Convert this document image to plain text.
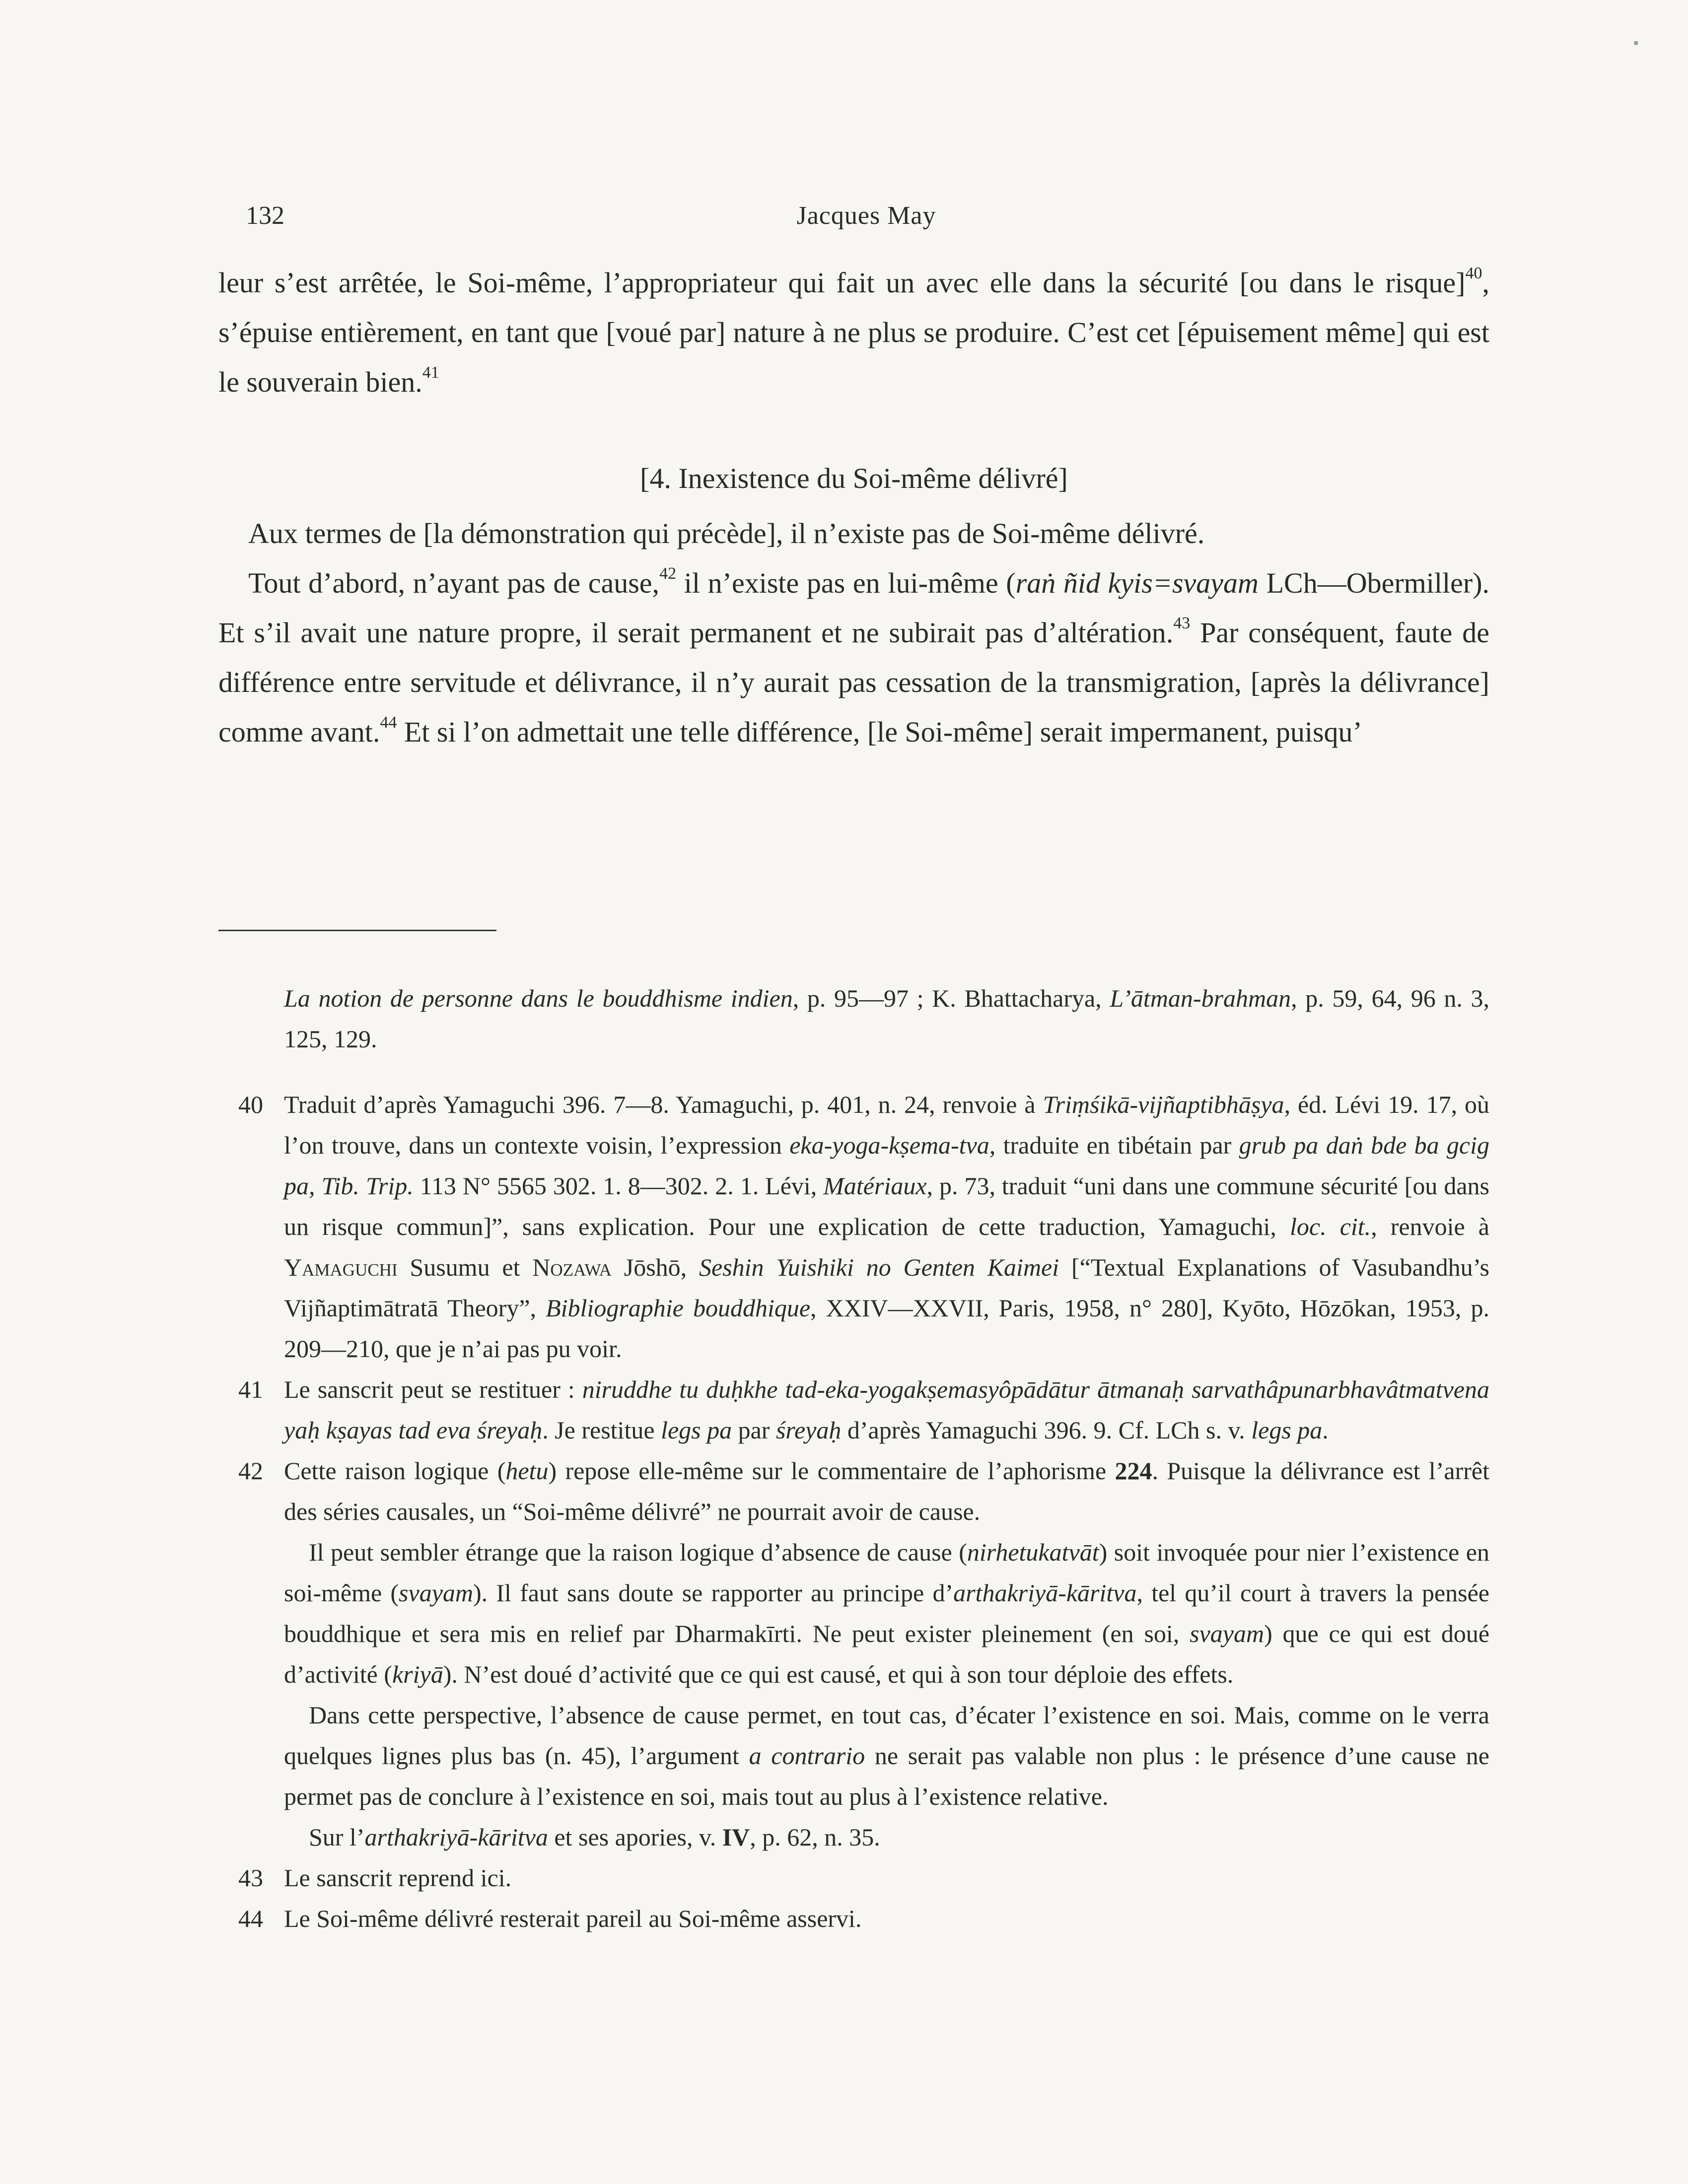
▪
132	Jacques May

leur s’est arrêtée, le Soi-même, l’appropriateur qui fait un avec elle dans la sécurité [ou dans le risque]$^{40}$, s’épuise entièrement, en tant que [voué par] nature à ne plus se produire. C’est cet [épuisement même] qui est le souverain bien.$^{41}$

[4. Inexistence du Soi-même délivré]

Aux termes de [la démonstration qui précède], il n’existe pas de Soi-même délivré.

Tout d’abord, n’ayant pas de cause,$^{42}$ il n’existe pas en lui-même (raṅ ñid kyis=svayam LCh—Obermiller). Et s’il avait une nature propre, il serait permanent et ne subirait pas d’altération.$^{43}$ Par conséquent, faute de différence entre servitude et délivrance, il n’y aurait pas cessation de la transmigration, [après la délivrance] comme avant.$^{44}$ Et si l’on admettait une telle différence, [le Soi-même] serait impermanent, puisqu’

La notion de personne dans le bouddhisme indien, p. 95—97 ; K. Bhattacharya, L’ātman-brahman, p. 59, 64, 96 n. 3, 125, 129.

40 Traduit d’après Yamaguchi 396. 7—8. Yamaguchi, p. 401, n. 24, renvoie à Triṃśikā-vijñaptibhāṣya, éd. Lévi 19. 17, où l’on trouve, dans un contexte voisin, l’expression eka-yoga-kṣema-tva, traduite en tibétain par grub pa daṅ bde ba gcig pa, Tib. Trip. 113 N° 5565 302. 1. 8—302. 2. 1. Lévi, Matériaux, p. 73, traduit “uni dans une commune sécurité [ou dans un risque commun]”, sans explication. Pour une explication de cette traduction, Yamaguchi, loc. cit., renvoie à Yamaguchi Susumu et Nozawa Jōshō, Seshin Yuishiki no Genten Kaimei [“Textual Explanations of Vasubandhu’s Vijñaptimātratā Theory”, Bibliographie bouddhique, XXIV—XXVII, Paris, 1958, n° 280], Kyōto, Hōzōkan, 1953, p. 209—210, que je n’ai pas pu voir.
41 Le sanscrit peut se restituer : niruddhe tu duḥkhe tad-eka-yogakṣemasyôpādātur ātmanaḥ sarvathâpunarbhavâtmatvena yaḥ kṣayas tad eva śreyaḥ. Je restitue legs pa par śreyaḥ d’après Yamaguchi 396. 9. Cf. LCh s. v. legs pa.
42 Cette raison logique (hetu) repose elle-même sur le commentaire de l’aphorisme 224. Puisque la délivrance est l’arrêt des séries causales, un “Soi-même délivré” ne pourrait avoir de cause.

Il peut sembler étrange que la raison logique d’absence de cause (nirhetukatvāt) soit invoquée pour nier l’existence en soi-même (svayam). Il faut sans doute se rapporter au principe d’arthakriyā-kāritva, tel qu’il court à travers la pensée bouddhique et sera mis en relief par Dharmakīrti. Ne peut exister pleinement (en soi, svayam) que ce qui est doué d’activité (kriyā). N’est doué d’activité que ce qui est causé, et qui à son tour déploie des effets.

Dans cette perspective, l’absence de cause permet, en tout cas, d’écater l’existence en soi. Mais, comme on le verra quelques lignes plus bas (n. 45), l’argument a contrario ne serait pas valable non plus : le présence d’une cause ne permet pas de conclure à l’existence en soi, mais tout au plus à l’existence relative.

Sur l’arthakriyā-kāritva et ses apories, v. IV, p. 62, n. 35.

43 Le sanscrit reprend ici.
44 Le Soi-même délivré resterait pareil au Soi-même asservi.
